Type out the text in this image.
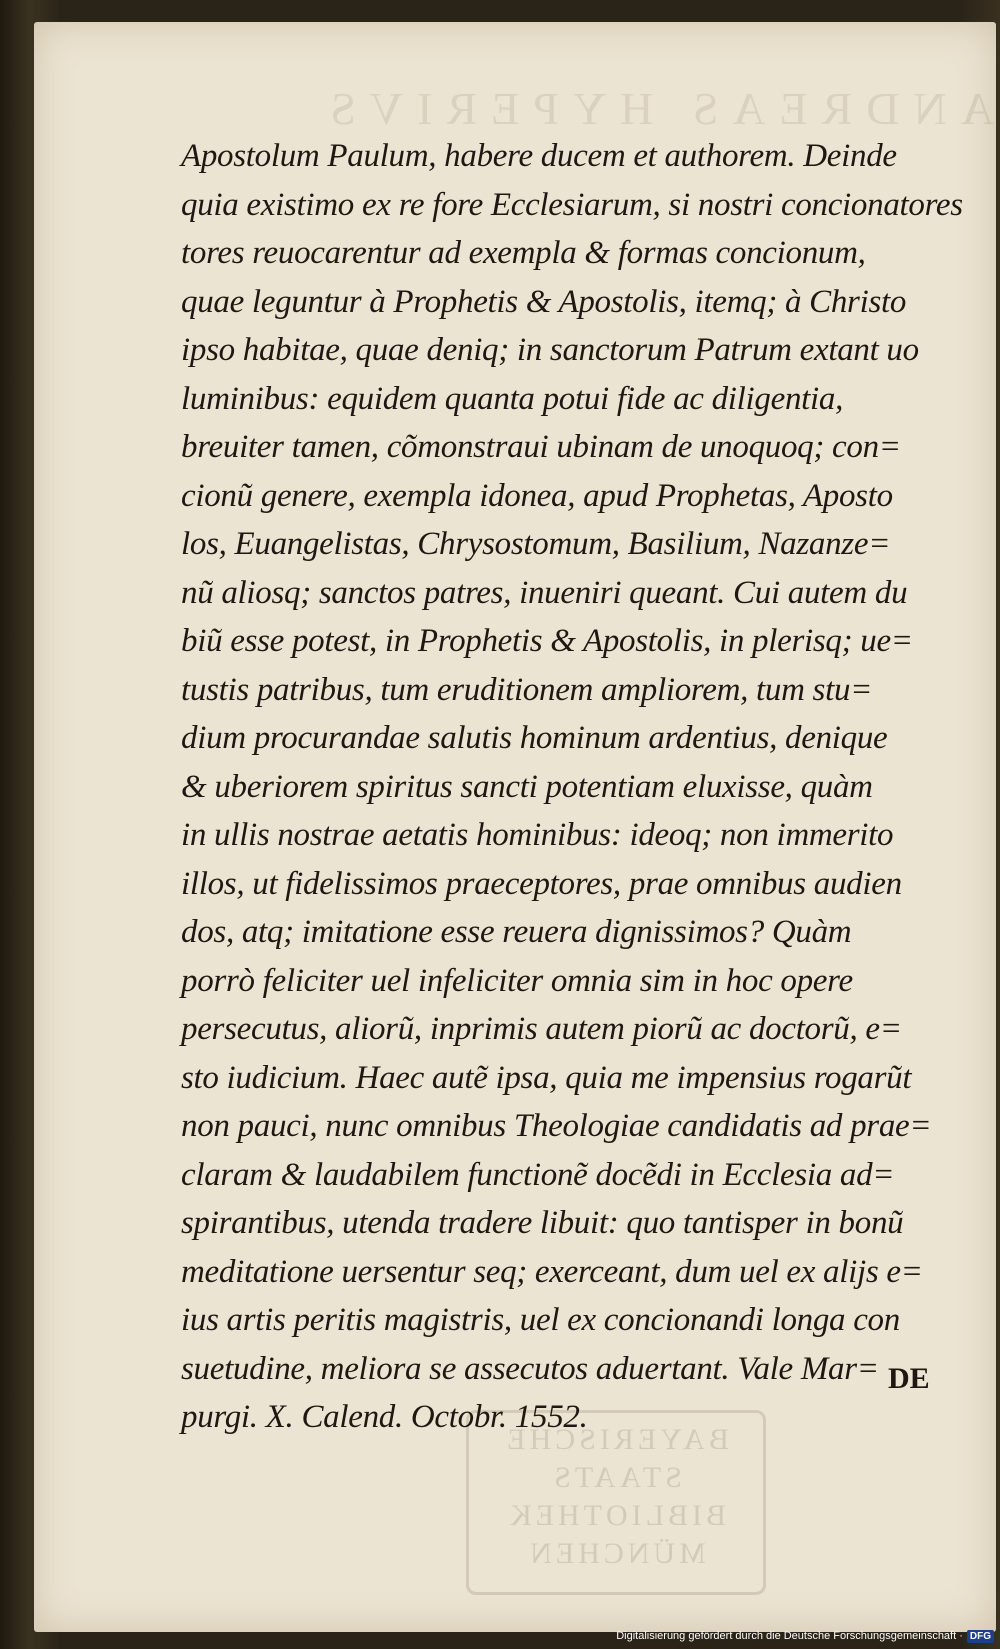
ANDREAS HYPERIVS
BAYERISCHE STAATS BIBLIOTHEK MÜNCHEN
Apostolum Paulum, habere ducem et authorem. Deinde
quia existimo ex re fore Ecclesiarum, si nostri concionatores
tores reuocarentur ad exempla & formas concionum,
quae leguntur à Prophetis & Apostolis, itemq; à Christo
ipso habitae, quae deniq; in sanctorum Patrum extant uo
luminibus: equidem quanta potui fide ac diligentia,
breuiter tamen, cõmonstraui ubinam de unoquoq; con=
cionũ genere, exempla idonea, apud Prophetas, Aposto
los, Euangelistas, Chrysostomum, Basilium, Nazanze=
nũ aliosq; sanctos patres, inueniri queant. Cui autem du
biũ esse potest, in Prophetis & Apostolis, in plerisq; ue=
tustis patribus, tum eruditionem ampliorem, tum stu=
dium procurandae salutis hominum ardentius, denique
& uberiorem spiritus sancti potentiam eluxisse, quàm
in ullis nostrae aetatis hominibus: ideoq; non immerito
illos, ut fidelissimos praeceptores, prae omnibus audien
dos, atq; imitatione esse reuera dignissimos? Quàm
porrò feliciter uel infeliciter omnia sim in hoc opere
persecutus, aliorũ, inprimis autem piorũ ac doctorũ, e=
sto iudicium. Haec autẽ ipsa, quia me impensius rogarũt
non pauci, nunc omnibus Theologiae candidatis ad prae=
claram & laudabilem functionẽ docẽdi in Ecclesia ad=
spirantibus, utenda tradere libuit: quo tantisper in bonũ
meditatione uersentur seq; exerceant, dum uel ex alijs e=
ius artis peritis magistris, uel ex concionandi longa con
suetudine, meliora se assecutos aduertant. Vale Mar=
purgi. X. Calend. Octobr. 1552.
DE
Digitalisierung gefördert durch die Deutsche Forschungsgemeinschaft · DFG
